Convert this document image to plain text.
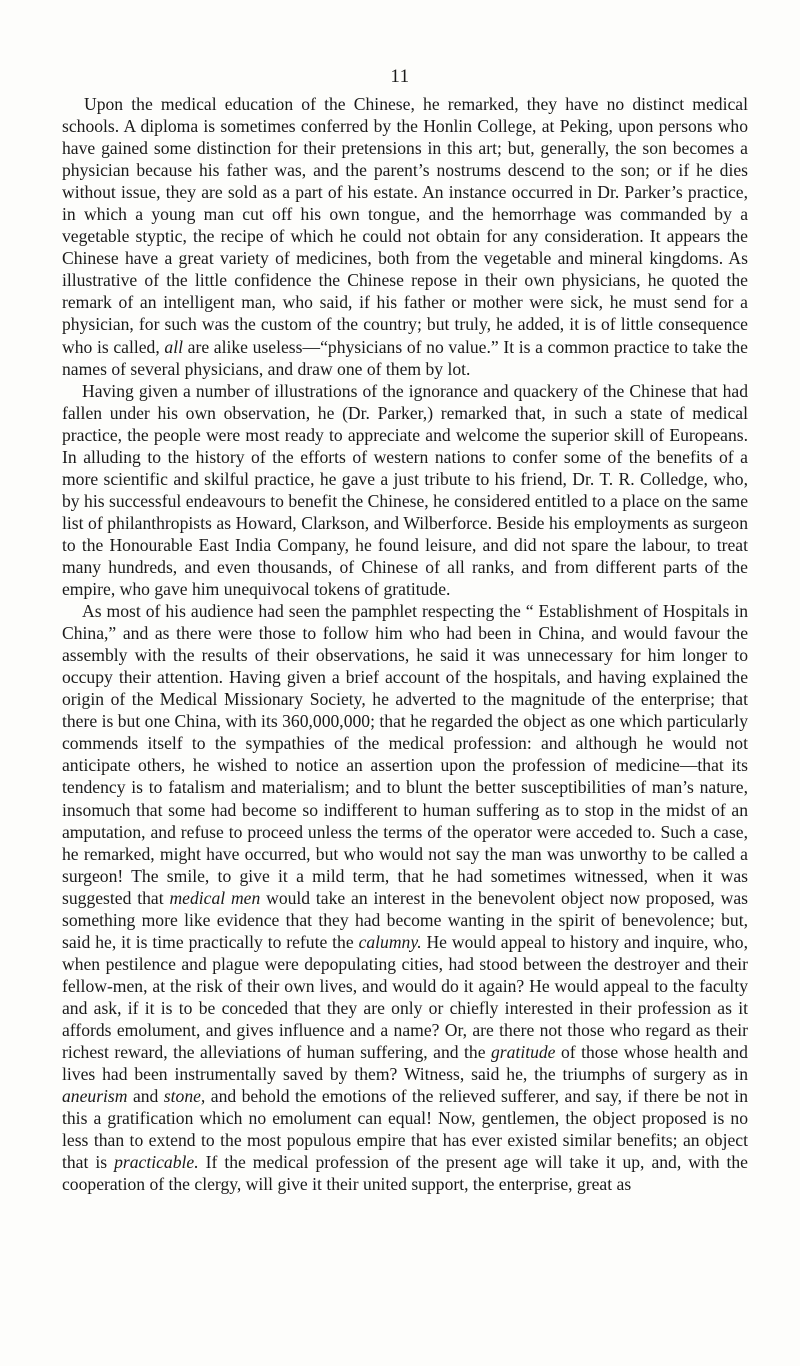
11

Upon the medical education of the Chinese, he remarked, they have no distinct medical schools. A diploma is sometimes conferred by the Honlin College, at Peking, upon persons who have gained some distinction for their pretensions in this art; but, generally, the son becomes a physician because his father was, and the parent’s nostrums descend to the son; or if he dies without issue, they are sold as a part of his estate. An instance occurred in Dr. Parker’s practice, in which a young man cut off his own tongue, and the hemorrhage was commanded by a vegetable styptic, the recipe of which he could not obtain for any consideration. It appears the Chinese have a great variety of medicines, both from the vegetable and mineral kingdoms. As illustrative of the little confidence the Chinese repose in their own physicians, he quoted the remark of an intelligent man, who said, if his father or mother were sick, he must send for a physician, for such was the custom of the country; but truly, he added, it is of little consequence who is called, all are alike useless—“physicians of no value.” It is a common practice to take the names of several physicians, and draw one of them by lot.

Having given a number of illustrations of the ignorance and quackery of the Chinese that had fallen under his own observation, he (Dr. Parker,) remarked that, in such a state of medical practice, the people were most ready to appreciate and welcome the superior skill of Europeans. In alluding to the history of the efforts of western nations to confer some of the benefits of a more scientific and skilful practice, he gave a just tribute to his friend, Dr. T. R. Colledge, who, by his successful endeavours to benefit the Chinese, he considered entitled to a place on the same list of philanthropists as Howard, Clarkson, and Wilberforce. Beside his employments as surgeon to the Honourable East India Company, he found leisure, and did not spare the labour, to treat many hundreds, and even thousands, of Chinese of all ranks, and from different parts of the empire, who gave him unequivocal tokens of gratitude.

As most of his audience had seen the pamphlet respecting the “ Establishment of Hospitals in China,” and as there were those to follow him who had been in China, and would favour the assembly with the results of their observations, he said it was unnecessary for him longer to occupy their attention. Having given a brief account of the hospitals, and having explained the origin of the Medical Missionary Society, he adverted to the magnitude of the enterprise; that there is but one China, with its 360,000,000; that he regarded the object as one which particularly commends itself to the sympathies of the medical profession: and although he would not anticipate others, he wished to notice an assertion upon the profession of medicine—that its tendency is to fatalism and materialism; and to blunt the better susceptibilities of man’s nature, insomuch that some had become so indifferent to human suffering as to stop in the midst of an amputation, and refuse to proceed unless the terms of the operator were acceded to. Such a case, he remarked, might have occurred, but who would not say the man was unworthy to be called a surgeon! The smile, to give it a mild term, that he had sometimes witnessed, when it was suggested that medical men would take an interest in the benevolent object now proposed, was something more like evidence that they had become wanting in the spirit of benevolence; but, said he, it is time practically to refute the calumny. He would appeal to history and inquire, who, when pestilence and plague were depopulating cities, had stood between the destroyer and their fellow-men, at the risk of their own lives, and would do it again? He would appeal to the faculty and ask, if it is to be conceded that they are only or chiefly interested in their profession as it affords emolument, and gives influence and a name? Or, are there not those who regard as their richest reward, the alleviations of human suffering, and the gratitude of those whose health and lives had been instrumentally saved by them? Witness, said he, the triumphs of surgery as in aneurism and stone, and behold the emotions of the relieved sufferer, and say, if there be not in this a gratification which no emolument can equal! Now, gentlemen, the object proposed is no less than to extend to the most populous empire that has ever existed similar benefits; an object that is practicable. If the medical profession of the present age will take it up, and, with the cooperation of the clergy, will give it their united support, the enterprise, great as
